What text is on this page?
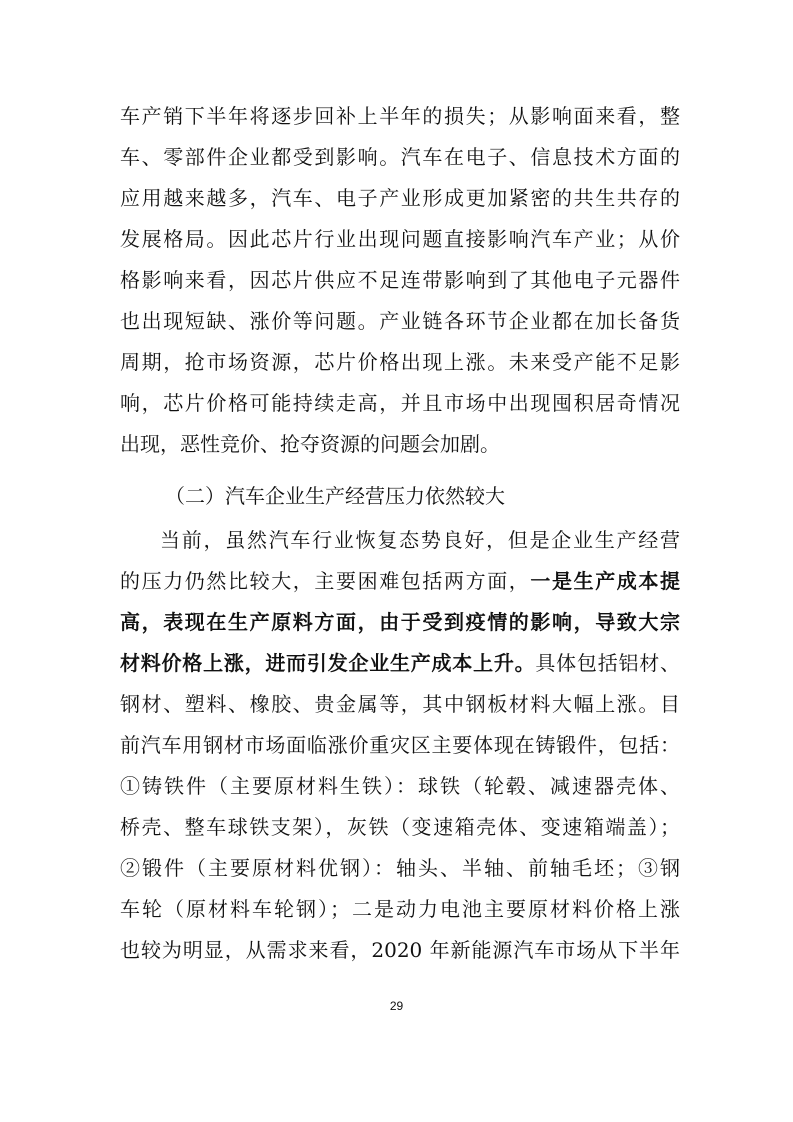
车产销下半年将逐步回补上半年的损失；从影响面来看，整
车、零部件企业都受到影响。汽车在电子、信息技术方面的
应用越来越多，汽车、电子产业形成更加紧密的共生共存的
发展格局。因此芯片行业出现问题直接影响汽车产业；从价
格影响来看，因芯片供应不足连带影响到了其他电子元器件
也出现短缺、涨价等问题。产业链各环节企业都在加长备货
周期，抢市场资源，芯片价格出现上涨。未来受产能不足影
响，芯片价格可能持续走高，并且市场中出现囤积居奇情况
出现，恶性竞价、抢夺资源的问题会加剧。
（二）汽车企业生产经营压力依然较大
当前，虽然汽车行业恢复态势良好，但是企业生产经营
的压力仍然比较大，主要困难包括两方面，一是生产成本提
高，表现在生产原料方面，由于受到疫情的影响，导致大宗
材料价格上涨，进而引发企业生产成本上升。具体包括铝材、
钢材、塑料、橡胶、贵金属等，其中钢板材料大幅上涨。目
前汽车用钢材市场面临涨价重灾区主要体现在铸锻件，包括：
①铸铁件（主要原材料生铁）：球铁（轮毂、减速器壳体、
桥壳、整车球铁支架），灰铁（变速箱壳体、变速箱端盖）；
②锻件（主要原材料优钢）：轴头、半轴、前轴毛坯；③钢
车轮（原材料车轮钢）；二是动力电池主要原材料价格上涨
也较为明显，从需求来看，2020 年新能源汽车市场从下半年
29
